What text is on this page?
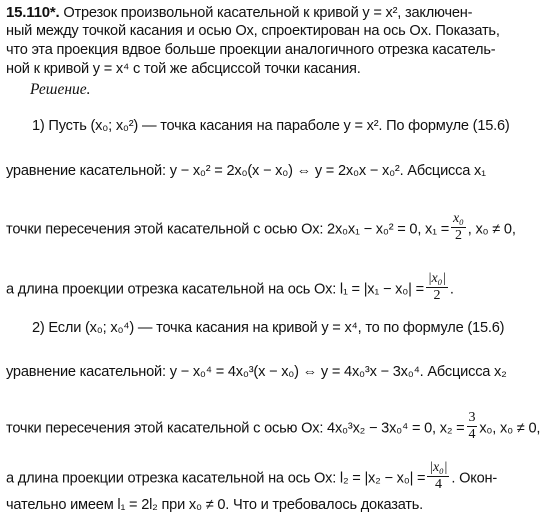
15.110*. Отрезок произвольной касательной к кривой y = x², заключен-
ный между точкой касания и осью Ox, спроектирован на ось Ox. Показать,
что эта проекция вдвое больше проекции аналогичного отрезка касатель-
ной к кривой y = x⁴ с той же абсциссой точки касания.
Решение.
1) Пусть (x₀; x₀²) — точка касания на параболе y = x². По формуле (15.6)
уравнение касательной: y − x₀² = 2x₀(x − x₀) ⇔ y = 2x₀x − x₀². Абсцисса x₁
точки пересечения этой касательной с осью Ox: 2x₀x₁ − x₀² = 0, $x_1 = \frac{\text{x₀}}{2}$ , x₀ ≠ 0,
а длина проекции отрезка касательной на ось Ox: $l_1 = |x_1 - x_0| = \frac{\text{|x₀|}}{2}$ .
2) Если (x₀; x₀⁴) — точка касания на кривой y = x⁴, то по формуле (15.6)
уравнение касательной: y − x₀⁴ = 4x₀³(x − x₀) ⇔ y = 4x₀³x − 3x₀⁴. Абсцисса x₂
точки пересечения этой касательной с осью Ox: 4x₀³x₂ − 3x₀⁴ = 0, $x_2 = \frac{3}{4} x_0$, x₀ ≠ 0,
а длина проекции отрезка касательной на ось Ox: $l_2 = |x_2 - x_0| = \frac{\text{|x₀|}}{4}$ . Окон-
чательно имеем l₁ = 2l₂ при x₀ ≠ 0. Что и требовалось доказать.
